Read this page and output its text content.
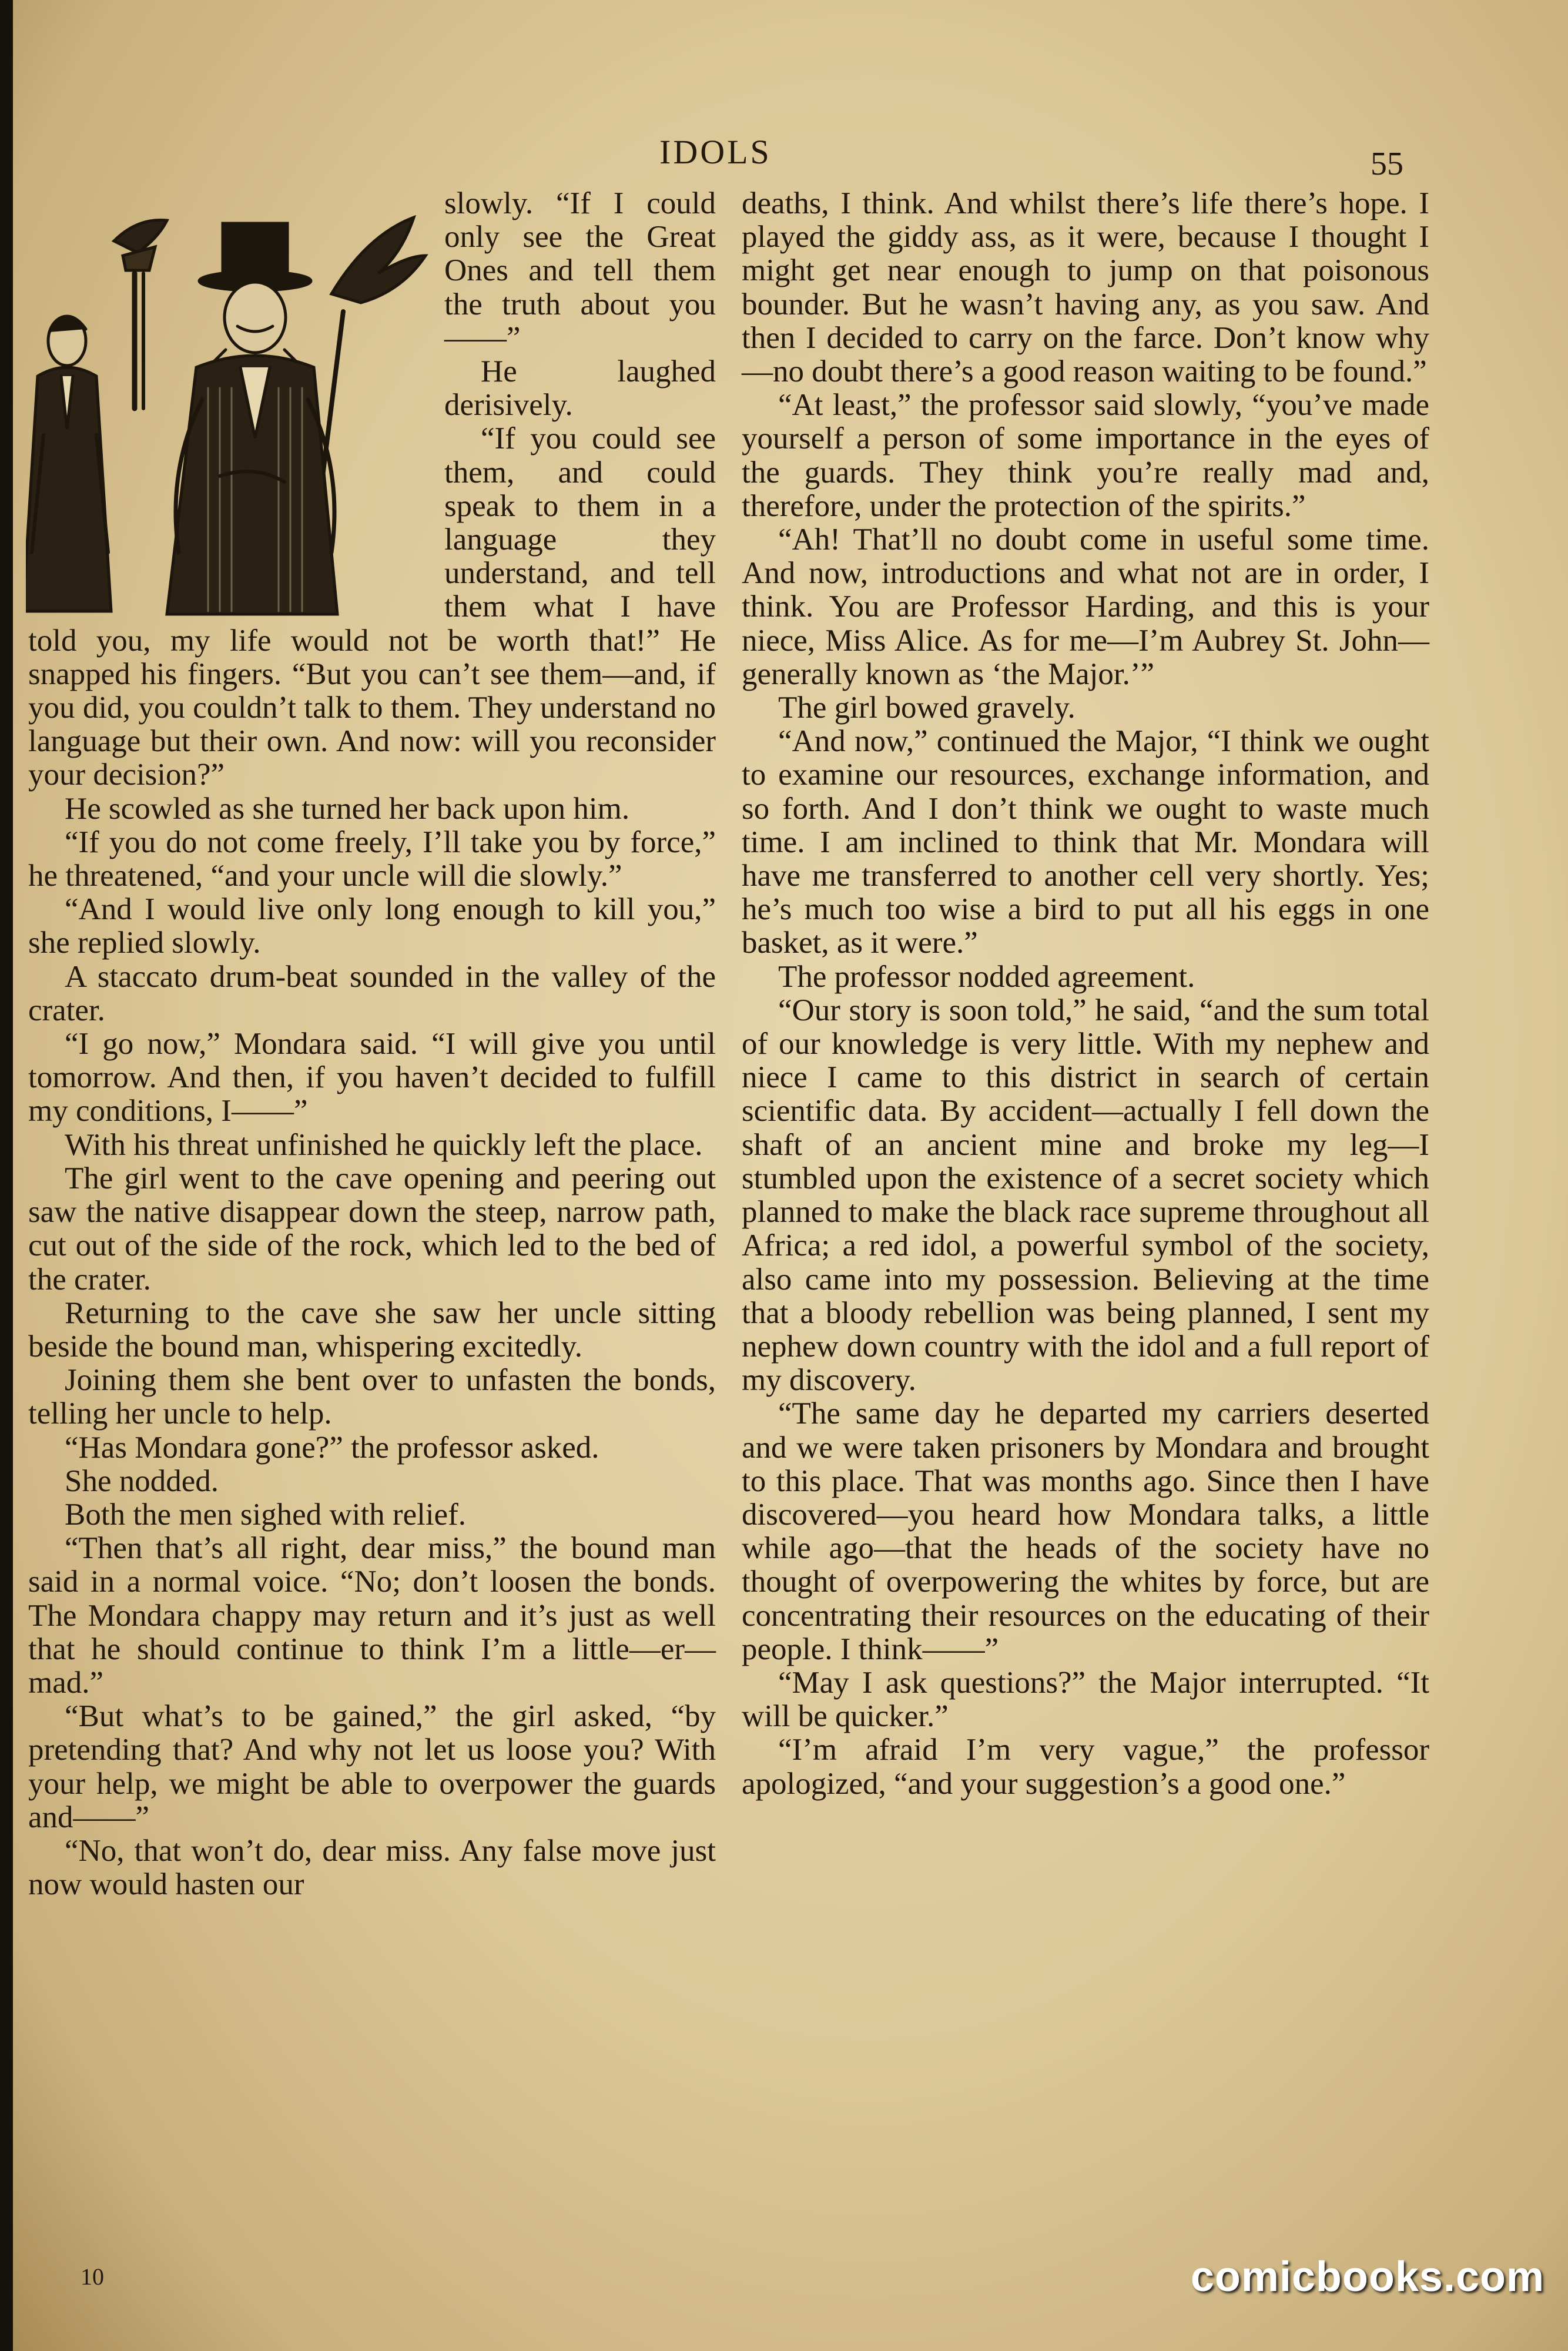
IDOLS	55

slowly. “If I could only see the Great Ones and tell them the truth about you——”

He laughed derisively.

“If you could see them, and could speak to them in a language they understand, and tell them what I have told you, my life would not be worth that!” He snapped his fingers. “But you can’t see them—and, if you did, you couldn’t talk to them. They understand no language but their own. And now: will you reconsider your decision?”

He scowled as she turned her back upon him.

“If you do not come freely, I’ll take you by force,” he threatened, “and your uncle will die slowly.”

“And I would live only long enough to kill you,” she replied slowly.

A staccato drum-beat sounded in the valley of the crater.

“I go now,” Mondara said. “I will give you until tomorrow. And then, if you haven’t decided to fulfill my conditions, I——”

With his threat unfinished he quickly left the place.

The girl went to the cave opening and peering out saw the native disappear down the steep, narrow path, cut out of the side of the rock, which led to the bed of the crater.

Returning to the cave she saw her uncle sitting beside the bound man, whispering excitedly.

Joining them she bent over to unfasten the bonds, telling her uncle to help.

“Has Mondara gone?” the professor asked.

She nodded.

Both the men sighed with relief.

“Then that’s all right, dear miss,” the bound man said in a normal voice. “No; don’t loosen the bonds. The Mondara chappy may return and it’s just as well that he should continue to think I’m a little—er—mad.”

“But what’s to be gained,” the girl asked, “by pretending that? And why not let us loose you? With your help, we might be able to overpower the guards and——”

“No, that won’t do, dear miss. Any false move just now would hasten our

deaths, I think. And whilst there’s life there’s hope. I played the giddy ass, as it were, because I thought I might get near enough to jump on that poisonous bounder. But he wasn’t having any, as you saw. And then I decided to carry on the farce. Don’t know why—no doubt there’s a good reason waiting to be found.”

“At least,” the professor said slowly, “you’ve made yourself a person of some importance in the eyes of the guards. They think you’re really mad and, therefore, under the protection of the spirits.”

“Ah! That’ll no doubt come in useful some time. And now, introductions and what not are in order, I think. You are Professor Harding, and this is your niece, Miss Alice. As for me—I’m Aubrey St. John—generally known as ‘the Major.’”

The girl bowed gravely.

“And now,” continued the Major, “I think we ought to examine our resources, exchange information, and so forth. And I don’t think we ought to waste much time. I am inclined to think that Mr. Mondara will have me transferred to another cell very shortly. Yes; he’s much too wise a bird to put all his eggs in one basket, as it were.”

The professor nodded agreement.

“Our story is soon told,” he said, “and the sum total of our knowledge is very little. With my nephew and niece I came to this district in search of certain scientific data. By accident—actually I fell down the shaft of an ancient mine and broke my leg—I stumbled upon the existence of a secret society which planned to make the black race supreme throughout all Africa; a red idol, a powerful symbol of the society, also came into my possession. Believing at the time that a bloody rebellion was being planned, I sent my nephew down country with the idol and a full report of my discovery.

“The same day he departed my carriers deserted and we were taken prisoners by Mondara and brought to this place. That was months ago. Since then I have discovered—you heard how Mondara talks, a little while ago—that the heads of the society have no thought of overpowering the whites by force, but are concentrating their resources on the educating of their people. I think——”

“May I ask questions?” the Major interrupted. “It will be quicker.”

“I’m afraid I’m very vague,” the professor apologized, “and your suggestion’s a good one.”

10	comicbooks.com
